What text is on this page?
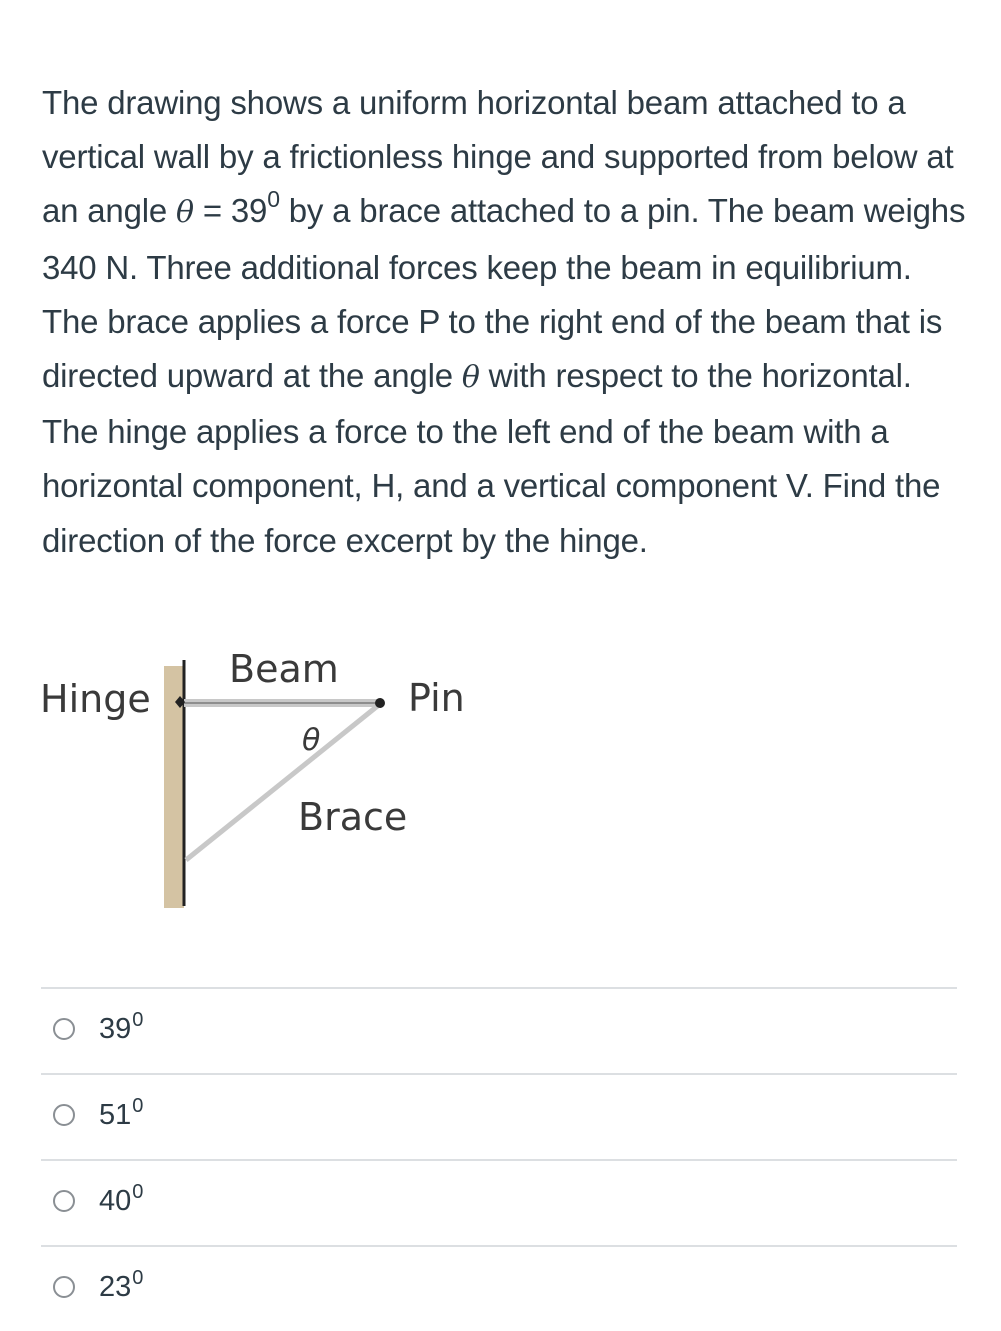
The drawing shows a uniform horizontal beam attached to a vertical wall by a frictionless hinge and supported from below at an angle $\theta = 39^0$ by a brace attached to a pin. The beam weighs 340 N. Three additional forces keep the beam in equilibrium. The brace applies a force P to the right end of the beam that is directed upward at the angle θ with respect to the horizontal. The hinge applies a force to the left end of the beam with a horizontal component, H, and a vertical component V. Find the direction of the force excerpt by the hinge.

Hinge
Beam
Pin
θ
Brace
$39^0$
$51^0$
$40^0$
$23^0$
